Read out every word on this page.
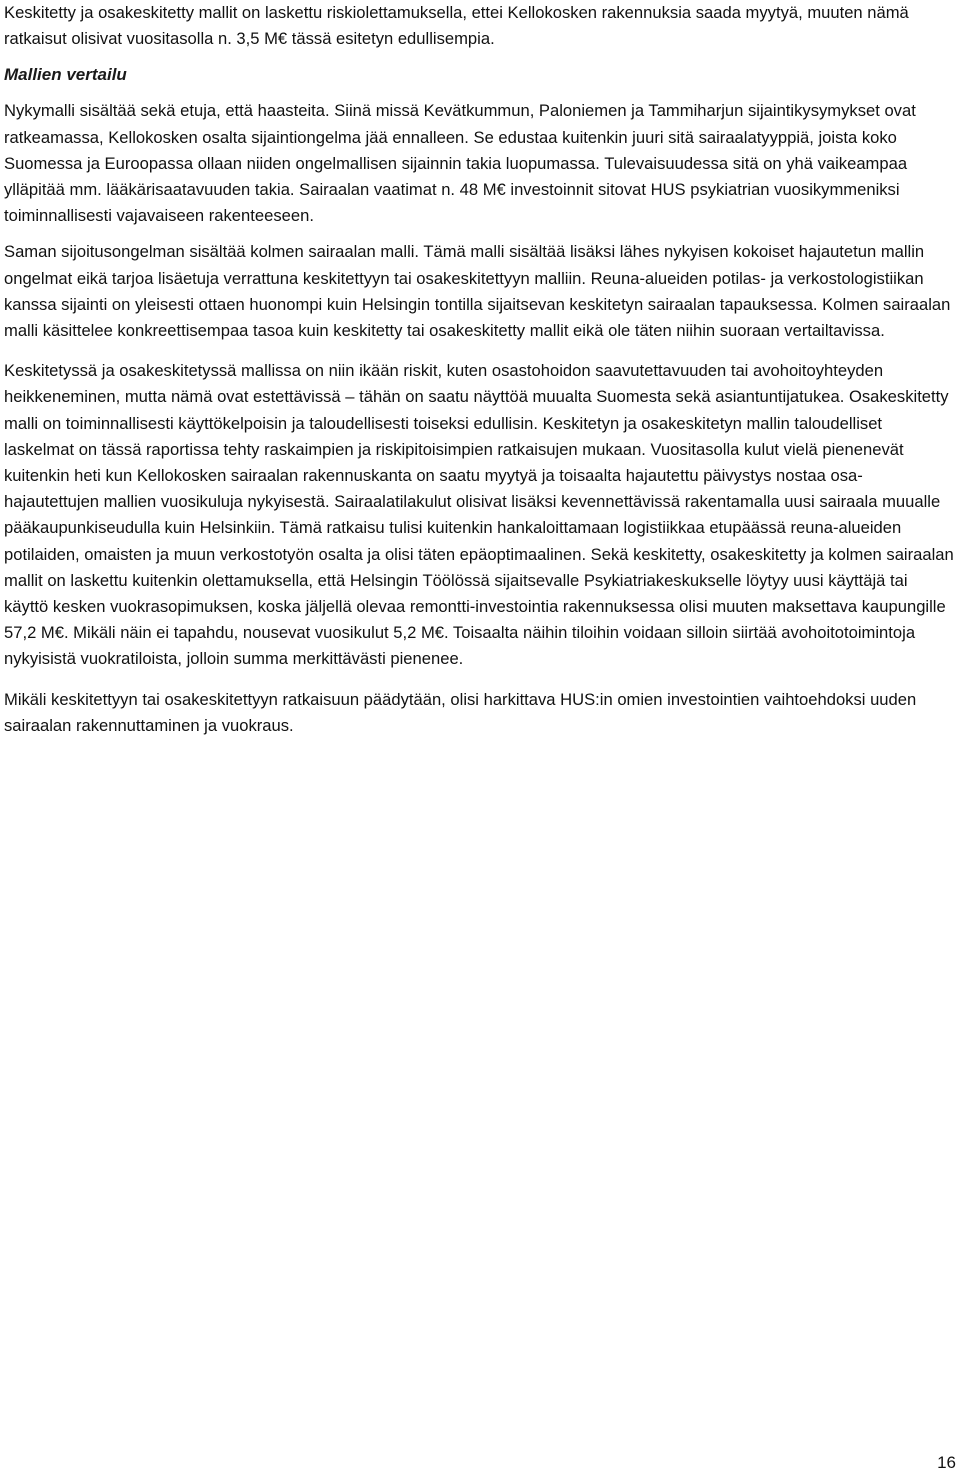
Keskitetty ja osakeskitetty mallit on laskettu riskiolettamuksella, ettei Kellokosken rakennuksia saada myytyä, muuten nämä ratkaisut olisivat vuositasolla n. 3,5 M€ tässä esitetyn edullisempia.

Mallien vertailu

Nykymalli sisältää sekä etuja, että haasteita. Siinä missä Kevätkummun, Paloniemen ja Tammiharjun sijaintikysymykset ovat ratkeamassa, Kellokosken osalta sijaintiongelma jää ennalleen. Se edustaa kuitenkin juuri sitä sairaalatyyppiä, joista koko Suomessa ja Euroopassa ollaan niiden ongelmallisen sijainnin takia luopumassa. Tulevaisuudessa sitä on yhä vaikeampaa ylläpitää mm. lääkärisaatavuuden takia. Sairaalan vaatimat n. 48 M€ investoinnit sitovat HUS psykiatrian vuosikymmeniksi toiminnallisesti vajavaiseen rakenteeseen.

Saman sijoitusongelman sisältää kolmen sairaalan malli. Tämä malli sisältää lisäksi lähes nykyisen kokoiset hajautetun mallin ongelmat eikä tarjoa lisäetuja verrattuna keskitettyyn tai osakeskitettyyn malliin. Reuna-alueiden potilas- ja verkostologistiikan kanssa sijainti on yleisesti ottaen huonompi kuin Helsingin tontilla sijaitsevan keskitetyn sairaalan tapauksessa. Kolmen sairaalan malli käsittelee konkreettisempaa tasoa kuin keskitetty tai osakeskitetty mallit eikä ole täten niihin suoraan vertailtavissa.

Keskitetyssä ja osakeskitetyssä mallissa on niin ikään riskit, kuten osastohoidon saavutettavuuden tai avohoitoyhteyden heikkeneminen, mutta nämä ovat estettävissä – tähän on saatu näyttöä muualta Suomesta sekä asiantuntijatukea. Osakeskitetty malli on toiminnallisesti käyttökelpoisin ja taloudellisesti toiseksi edullisin. Keskitetyn ja osakeskitetyn mallin taloudelliset laskelmat on tässä raportissa tehty raskaimpien ja riskipitoisimpien ratkaisujen mukaan. Vuositasolla kulut vielä pienenevät kuitenkin heti kun Kellokosken sairaalan rakennuskanta on saatu myytyä ja toisaalta hajautettu päivystys nostaa osa-hajautettujen mallien vuosikuluja nykyisestä. Sairaalatilakulut olisivat lisäksi kevennettävissä rakentamalla uusi sairaala muualle pääkaupunkiseudulla kuin Helsinkiin. Tämä ratkaisu tulisi kuitenkin hankaloittamaan logistiikkaa etupäässä reuna-alueiden potilaiden, omaisten ja muun verkostotyön osalta ja olisi täten epäoptimaalinen. Sekä keskitetty, osakeskitetty ja kolmen sairaalan mallit on laskettu kuitenkin olettamuksella, että Helsingin Töölössä sijaitsevalle Psykiatriakeskukselle löytyy uusi käyttäjä tai käyttö kesken vuokrasopimuksen, koska jäljellä olevaa remontti-investointia rakennuksessa olisi muuten maksettava kaupungille 57,2 M€. Mikäli näin ei tapahdu, nousevat vuosikulut 5,2 M€. Toisaalta näihin tiloihin voidaan silloin siirtää avohoitotoimintoja nykyisistä vuokratiloista, jolloin summa merkittävästi pienenee.

Mikäli keskitettyyn tai osakeskitettyyn ratkaisuun päädytään, olisi harkittava HUS:in omien investointien vaihtoehdoksi uuden sairaalan rakennuttaminen ja vuokraus.

16
